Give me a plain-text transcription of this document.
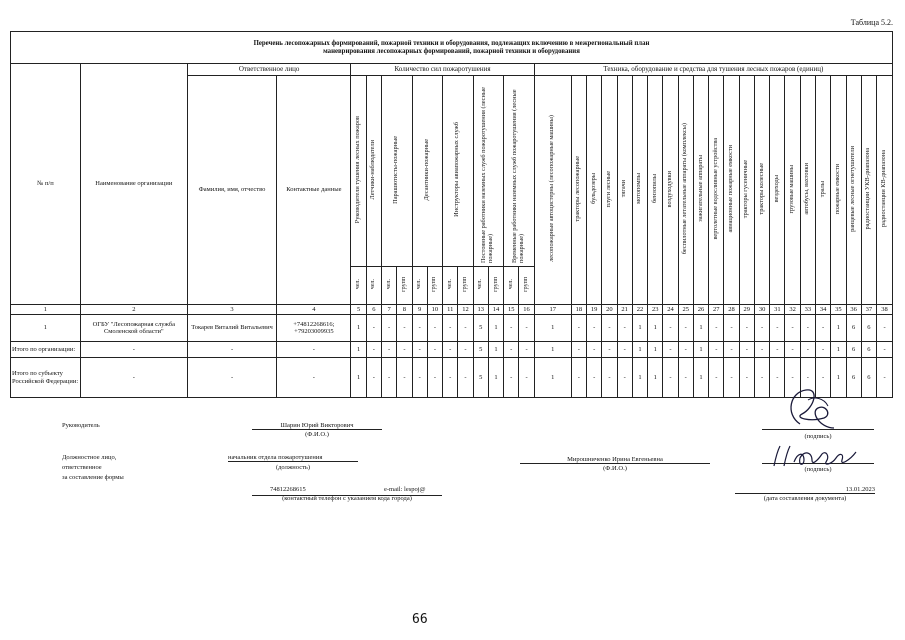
Таблица 5.2.
Перечень лесопожарных формирований, пожарной техники и оборудования, подлежащих включению в межрегиональный план
маневрирования лесопожарных формирований, пожарной техники и оборудования																																					

№ п/п	Наименование организации	Ответственное лицо		Количество сил пожаротушения												Техника, оборудование и средства для тушения лесных пожаров (единиц)																					
		Фамилия, имя, отчество	Контактные данные	Руководители тушения лесных пожаров	Летчики-наблюдатели	Парашютисты-пожарные		Десантники-пожарные		Инструкторы авиапожарных служб		Постоянные работники наземных служб пожаротушения (лесные пожарные)		Временные работники наземных служб пожаротушения (лесные пожарные)		лесопожарные автоцистерны (лесопожарные машины)	тракторы лесопожарные	бульдозеры	плуги лесные	тягачи	мотопомпы	бензопилы	воздуходувки	беспилотные летательные аппараты (комплексы)	зажигательные аппараты	вертолетные водосливные устройства	авиационные пожарные емкости	тракторы гусеничные	тракторы колесные	вездеходы	грузовые машины	автобусы, вахтовки	тралы	пожарные емкости	ранцевые лесные огнетушители	радиостанции УКВ-диапазона	радиостанции КВ-диапазона
				чел.	чел.	чел.	групп	чел.	групп	чел.	групп	чел.	групп	чел.	групп																						
1	2	3	4	5	6	7	8	9	10	11	12	13	14	15	16	17	18	19	20	21	22	23	24	25	26	27	28	29	30	31	32	33	34	35	36	37	38
1	ОГБУ "Лесопожарная служба Смоленской области"	Токарев Виталий Витальевич	+74812268616; +79203009935	1	-	-	-	-	-	-	-	5	1	-	-	1	-	-	-	-	1	1	-	-	1	-	-	-	-	-	-	-	-	1	6	6	-
Итого по организации:	-	-	-	1	-	-	-	-	-	-	-	5	1	-	-	1	-	-	-	-	1	1	-	-	1	-	-	-	-	-	-	-	-	1	6	6	-
Итого по субъекту Российской Федерации:	-	-	-	1	-	-	-	-	-	-	-	5	1	-	-	1	-	-	-	-	1	1	-	-	1	-	-	-	-	-	-	-	-	1	6	6	-
Руководитель	Шарин Юрий Викторович
(Ф.И.О.)	(подпись)
Должностное лицо,
ответственное
за составление формы
начальник отдела пожаротушения
(должность)
Мирошниченко Ирина Евгеньевна
(Ф.И.О.)	(подпись)
74812268615	e-mail: lespoj@
(контактный телефон с указанием кода города)
13.01.2023
(дата составления документа)
66
